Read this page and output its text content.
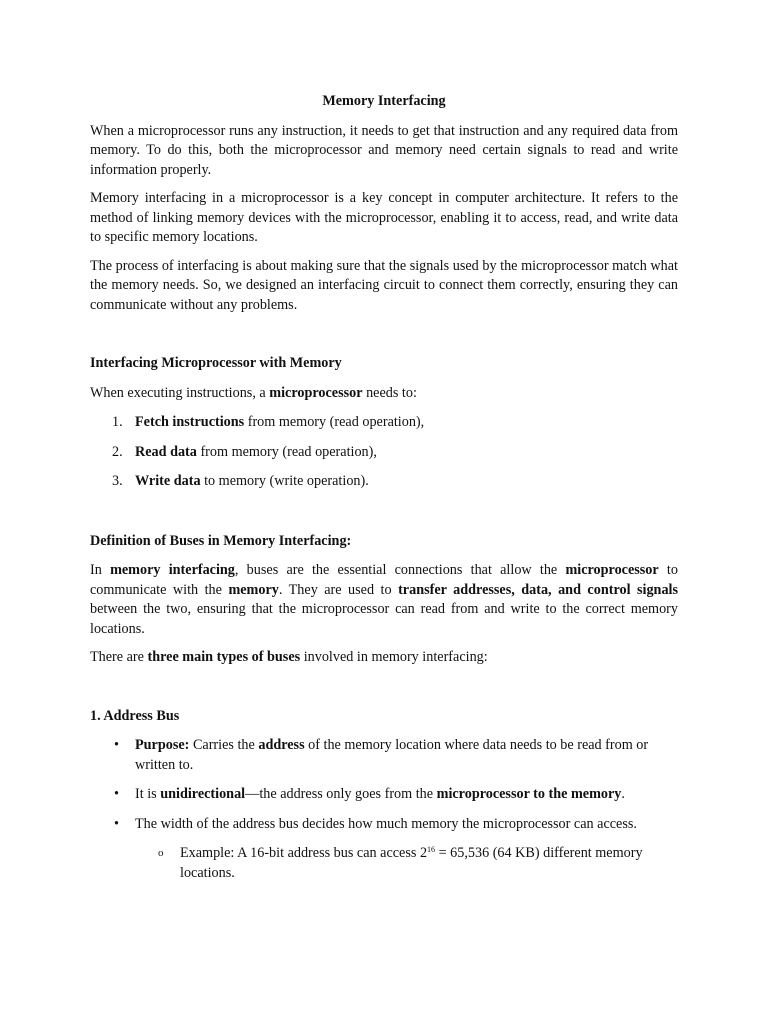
Memory Interfacing

When a microprocessor runs any instruction, it needs to get that instruction and any required data from memory. To do this, both the microprocessor and memory need certain signals to read and write information properly.

Memory interfacing in a microprocessor is a key concept in computer architecture. It refers to the method of linking memory devices with the microprocessor, enabling it to access, read, and write data to specific memory locations.

The process of interfacing is about making sure that the signals used by the microprocessor match what the memory needs. So, we designed an interfacing circuit to connect them correctly, ensuring they can communicate without any problems.

Interfacing Microprocessor with Memory

When executing instructions, a microprocessor needs to:

1. Fetch instructions from memory (read operation),
2. Read data from memory (read operation),
3. Write data to memory (write operation).

Definition of Buses in Memory Interfacing:

In memory interfacing, buses are the essential connections that allow the microprocessor to communicate with the memory. They are used to transfer addresses, data, and control signals between the two, ensuring that the microprocessor can read from and write to the correct memory locations.

There are three main types of buses involved in memory interfacing:

1. Address Bus

• Purpose: Carries the address of the memory location where data needs to be read from or written to.
• It is unidirectional—the address only goes from the microprocessor to the memory.
• The width of the address bus decides how much memory the microprocessor can access.
o Example: A 16-bit address bus can access $2^{16} = 65,536$ (64 KB) different memory locations.
